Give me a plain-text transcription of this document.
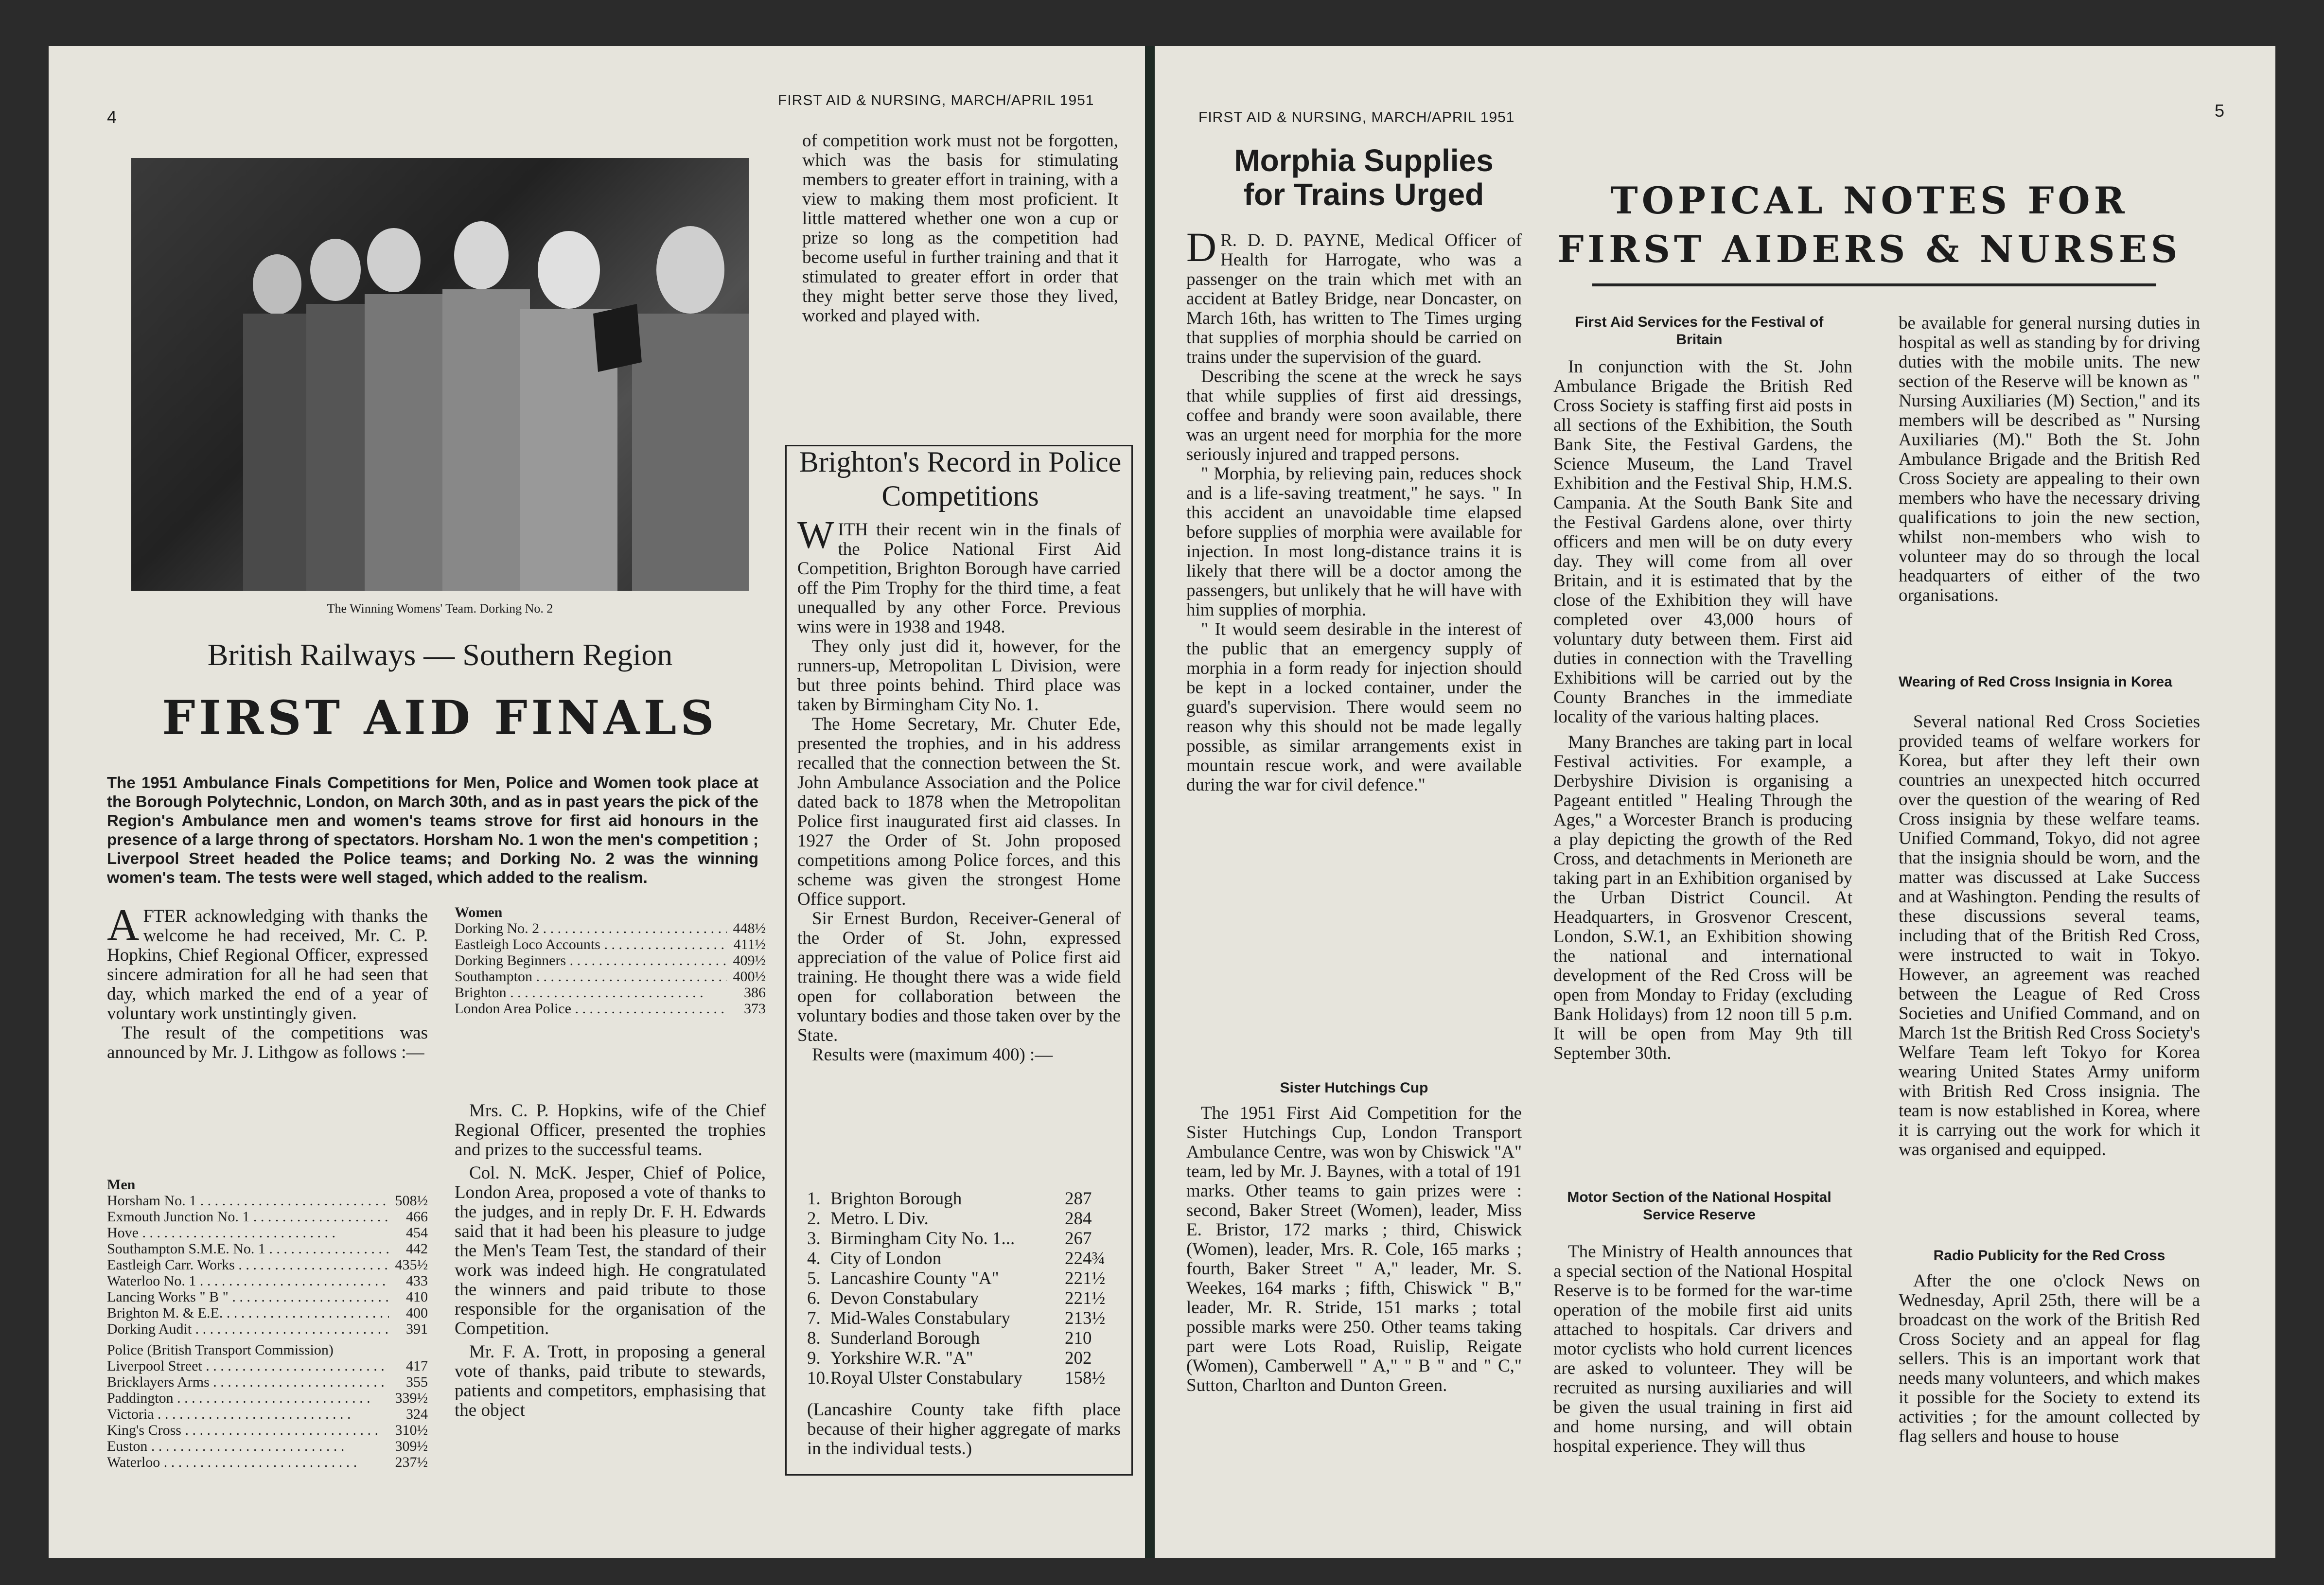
4
FIRST AID & NURSING, MARCH/APRIL 1951
The Winning Womens' Team. Dorking No. 2
British Railways — Southern Region
FIRST AID FINALS
The 1951 Ambulance Finals Competitions for Men, Police and Women took place at the Borough Polytechnic, London, on March 30th, and as in past years the pick of the Region's Ambulance men and women's teams strove for first aid honours in the presence of a large throng of spectators. Horsham No. 1 won the men's competition ; Liverpool Street headed the Police teams; and Dorking No. 2 was the winning women's team. The tests were well staged, which added to the realism.

AFTER acknowledging with thanks the welcome he had received, Mr. C. P. Hopkins, Chief Regional Officer, expressed sincere admiration for all he had seen that day, which marked the end of a year of voluntary work unstintingly given.

The result of the competitions was announced by Mr. J. Lithgow as follows :—

Men
Horsham No. 1 . . .	508½
Exmouth Junction No. 1 . . .	466
Hove . . .	454
Southampton S.M.E. No. 1 . . .	442
Eastleigh Carr. Works . . .	435½
Waterloo No. 1 . . .	433
Lancing Works " B " . . .	410
Brighton M. & E.E. . . .	400
Dorking Audit . . .	391
Police (British Transport Commission)
Liverpool Street . . .	417
Bricklayers Arms . . .	355
Paddington . . .	339½
Victoria . . .	324
King's Cross . . .	310½
Euston . . .	309½
Waterloo . . .	237½
Women
Dorking No. 2 . . .	448½
Eastleigh Loco Accounts . . .	411½
Dorking Beginners . . .	409½
Southampton . . .	400½
Brighton . . .	386
London Area Police . . .	373

Mrs. C. P. Hopkins, wife of the Chief Regional Officer, presented the trophies and prizes to the successful teams.

Col. N. McK. Jesper, Chief of Police, London Area, proposed a vote of thanks to the judges, and in reply Dr. F. H. Edwards said that it had been his pleasure to judge the Men's Team Test, the standard of their work was indeed high. He congratulated the winners and paid tribute to those responsible for the organisation of the Competition.

Mr. F. A. Trott, in proposing a general vote of thanks, paid tribute to stewards, patients and competitors, emphasising that the object

of competition work must not be forgotten, which was the basis for stimulating members to greater effort in training, with a view to making them most proficient. It little mattered whether one won a cup or prize so long as the competition had become useful in further training and that it stimulated to greater effort in order that they might better serve those they lived, worked and played with.

Brighton's Record in Police Competitions

WITH their recent win in the finals of the Police National First Aid Competition, Brighton Borough have carried off the Pim Trophy for the third time, a feat unequalled by any other Force. Previous wins were in 1938 and 1948.

They only just did it, however, for the runners-up, Metropolitan L Division, were but three points behind. Third place was taken by Birmingham City No. 1.

The Home Secretary, Mr. Chuter Ede, presented the trophies, and in his address recalled that the connection between the St. John Ambulance Association and the Police dated back to 1878 when the Metropolitan Police first inaugurated first aid classes. In 1927 the Order of St. John proposed competitions among Police forces, and this scheme was given the strongest Home Office support.

Sir Ernest Burdon, Receiver-General of the Order of St. John, expressed appreciation of the value of Police first aid training. He thought there was a wide field open for collaboration between the voluntary bodies and those taken over by the State.

Results were (maximum 400) :—

1. Brighton Borough	287
2. Metro. L Div.	284
3. Birmingham City No. 1...	267
4. City of London	224¾
5. Lancashire County "A"	221½
6. Devon Constabulary	221½
7. Mid-Wales Constabulary	213½
8. Sunderland Borough	210
9. Yorkshire W.R. "A"	202
10. Royal Ulster Constabulary	158½
(Lancashire County take fifth place because of their higher aggregate of marks in the individual tests.)
FIRST AID & NURSING, MARCH/APRIL 1951	5
Morphia Supplies for Trains Urged

D R. D. D. PAYNE, Medical Officer of Health for Harrogate, who was a passenger on the train which met with an accident at Batley Bridge, near Doncaster, on March 16th, has written to The Times urging that supplies of morphia should be carried on trains under the supervision of the guard.

Describing the scene at the wreck he says that while supplies of first aid dressings, coffee and brandy were soon available, there was an urgent need for morphia for the more seriously injured and trapped persons.

" Morphia, by relieving pain, reduces shock and is a life-saving treatment," he says. " In this accident an unavoidable time elapsed before supplies of morphia were available for injection. In most long-distance trains it is likely that there will be a doctor among the passengers, but unlikely that he will have with him supplies of morphia.

" It would seem desirable in the interest of the public that an emergency supply of morphia in a form ready for injection should be kept in a locked container, under the guard's supervision. There would seem no reason why this should not be made legally possible, as similar arrangements exist in mountain rescue work, and were available during the war for civil defence."

Sister Hutchings Cup

The 1951 First Aid Competition for the Sister Hutchings Cup, London Transport Ambulance Centre, was won by Chiswick "A" team, led by Mr. J. Baynes, with a total of 191 marks. Other teams to gain prizes were : second, Baker Street (Women), leader, Miss E. Bristor, 172 marks ; third, Chiswick (Women), leader, Mrs. R. Cole, 165 marks ; fourth, Baker Street " A," leader, Mr. S. Weekes, 164 marks ; fifth, Chiswick " B," leader, Mr. R. Stride, 151 marks ; total possible marks were 250. Other teams taking part were Lots Road, Ruislip, Reigate (Women), Camberwell " A," " B " and " C," Sutton, Charlton and Dunton Green.

TOPICAL NOTES FOR
FIRST AIDERS & NURSES
First Aid Services for the Festival of Britain

In conjunction with the St. John Ambulance Brigade the British Red Cross Society is staffing first aid posts in all sections of the Exhibition, the South Bank Site, the Festival Gardens, the Science Museum, the Land Travel Exhibition and the Festival Ship, H.M.S. Campania. At the South Bank Site and the Festival Gardens alone, over thirty officers and men will be on duty every day. They will come from all over Britain, and it is estimated that by the close of the Exhibition they will have completed over 43,000 hours of voluntary duty between them. First aid duties in connection with the Travelling Exhibitions will be carried out by the County Branches in the immediate locality of the various halting places.

Many Branches are taking part in local Festival activities. For example, a Derbyshire Division is organising a Pageant entitled " Healing Through the Ages," a Worcester Branch is producing a play depicting the growth of the Red Cross, and detachments in Merioneth are taking part in an Exhibition organised by the Urban District Council. At Headquarters, in Grosvenor Crescent, London, S.W.1, an Exhibition showing the national and international development of the Red Cross will be open from Monday to Friday (excluding Bank Holidays) from 12 noon till 5 p.m. It will be open from May 9th till September 30th.

Motor Section of the National Hospital Service Reserve

The Ministry of Health announces that a special section of the National Hospital Reserve is to be formed for the war-time operation of the mobile first aid units attached to hospitals. Car drivers and motor cyclists who hold current licences are asked to volunteer. They will be recruited as nursing auxiliaries and will be given the usual training in first aid and home nursing, and will obtain hospital experience. They will thus

be available for general nursing duties in hospital as well as standing by for driving duties with the mobile units. The new section of the Reserve will be known as " Nursing Auxiliaries (M) Section," and its members will be described as " Nursing Auxiliaries (M)." Both the St. John Ambulance Brigade and the British Red Cross Society are appealing to their own members who have the necessary driving qualifications to join the new section, whilst non-members who wish to volunteer may do so through the local headquarters of either of the two organisations.

Wearing of Red Cross Insignia in Korea

Several national Red Cross Societies provided teams of welfare workers for Korea, but after they left their own countries an unexpected hitch occurred over the question of the wearing of Red Cross insignia by these welfare teams. Unified Command, Tokyo, did not agree that the insignia should be worn, and the matter was discussed at Lake Success and at Washington. Pending the results of these discussions several teams, including that of the British Red Cross, were instructed to wait in Tokyo. However, an agreement was reached between the League of Red Cross Societies and Unified Command, and on March 1st the British Red Cross Society's Welfare Team left Tokyo for Korea wearing United States Army uniform with British Red Cross insignia. The team is now established in Korea, where it is carrying out the work for which it was organised and equipped.

Radio Publicity for the Red Cross

After the one o'clock News on Wednesday, April 25th, there will be a broadcast on the work of the British Red Cross Society and an appeal for flag sellers. This is an important work that needs many volunteers, and which makes it possible for the Society to extend its activities ; for the amount collected by flag sellers and house to house
